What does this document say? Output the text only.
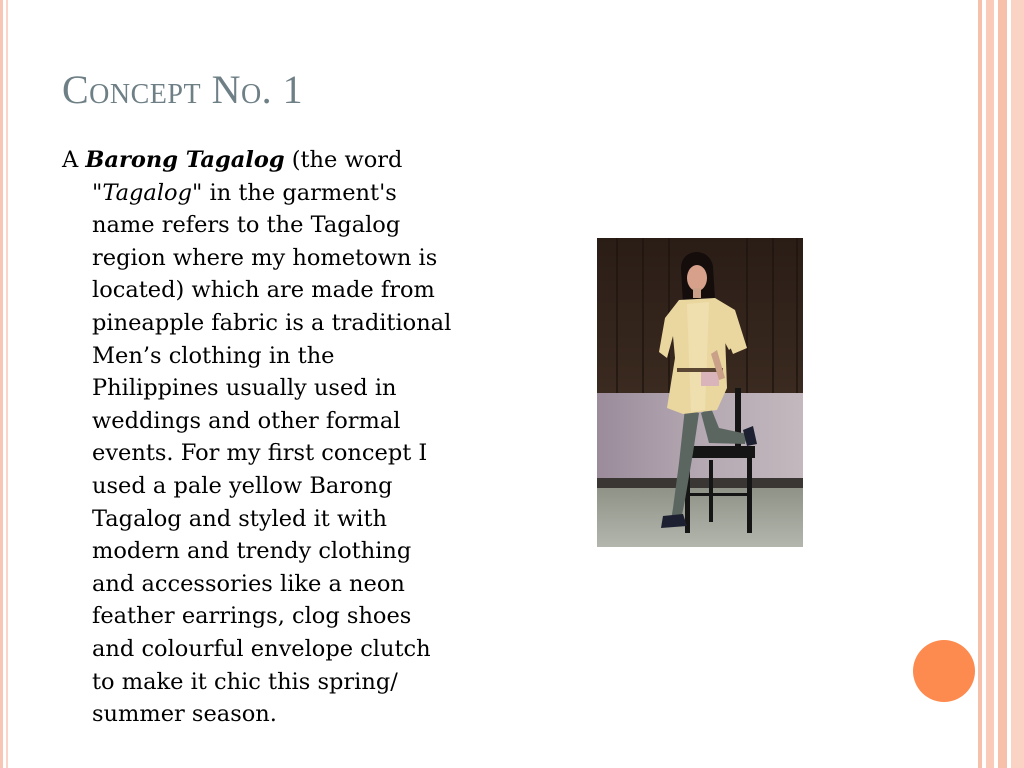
Concept No. 1

A Barong Tagalog (the word "Tagalog" in the garment's name refers to the Tagalog region where my hometown is located) which are made from pineapple fabric is a traditional Men’s clothing in the Philippines usually used in weddings and other formal events. For my first concept I used a pale yellow Barong Tagalog and styled it with modern and trendy clothing and accessories like a neon feather earrings, clog shoes and colourful envelope clutch to make it chic this spring/ summer season.
